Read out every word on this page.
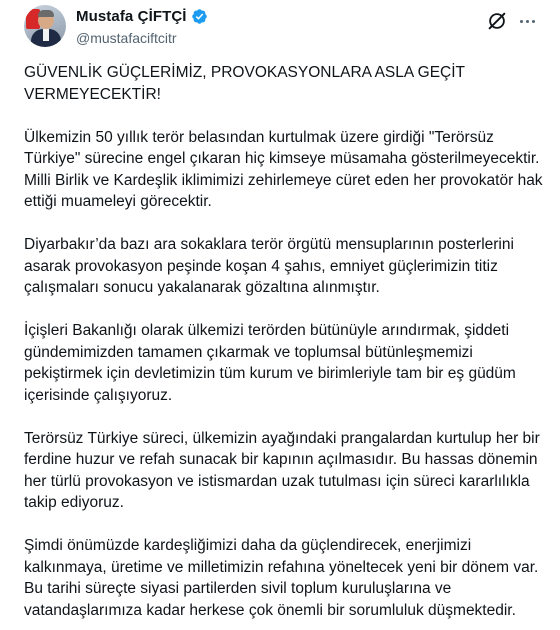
Mustafa ÇİFTÇİ
@mustafaciftcitr

GÜVENLİK GÜÇLERİMİZ, PROVOKASYONLARA ASLA GEÇİT VERMEYECEKTİR!

Ülkemizin 50 yıllık terör belasından kurtulmak üzere girdiği "Terörsüz Türkiye" sürecine engel çıkaran hiç kimseye müsamaha gösterilmeyecektir. Milli Birlik ve Kardeşlik iklimimizi zehirlemeye cüret eden her provokatör hak ettiği muameleyi görecektir.

Diyarbakır’da bazı ara sokaklara terör örgütü mensuplarının posterlerini asarak provokasyon peşinde koşan 4 şahıs, emniyet güçlerimizin titiz çalışmaları sonucu yakalanarak gözaltına alınmıştır.

İçişleri Bakanlığı olarak ülkemizi terörden bütünüyle arındırmak, şiddeti gündemimizden tamamen çıkarmak ve toplumsal bütünleşmemizi pekiştirmek için devletimizin tüm kurum ve birimleriyle tam bir eş güdüm içerisinde çalışıyoruz.

Terörsüz Türkiye süreci, ülkemizin ayağındaki prangalardan kurtulup her bir ferdine huzur ve refah sunacak bir kapının açılmasıdır. Bu hassas dönemin her türlü provokasyon ve istismardan uzak tutulması için süreci kararlılıkla takip ediyoruz.

Şimdi önümüzde kardeşliğimizi daha da güçlendirecek, enerjimizi kalkınmaya, üretime ve milletimizin refahına yöneltecek yeni bir dönem var. Bu tarihi süreçte siyasi partilerden sivil toplum kuruluşlarına ve vatandaşlarımıza kadar herkese çok önemli bir sorumluluk düşmektedir.
